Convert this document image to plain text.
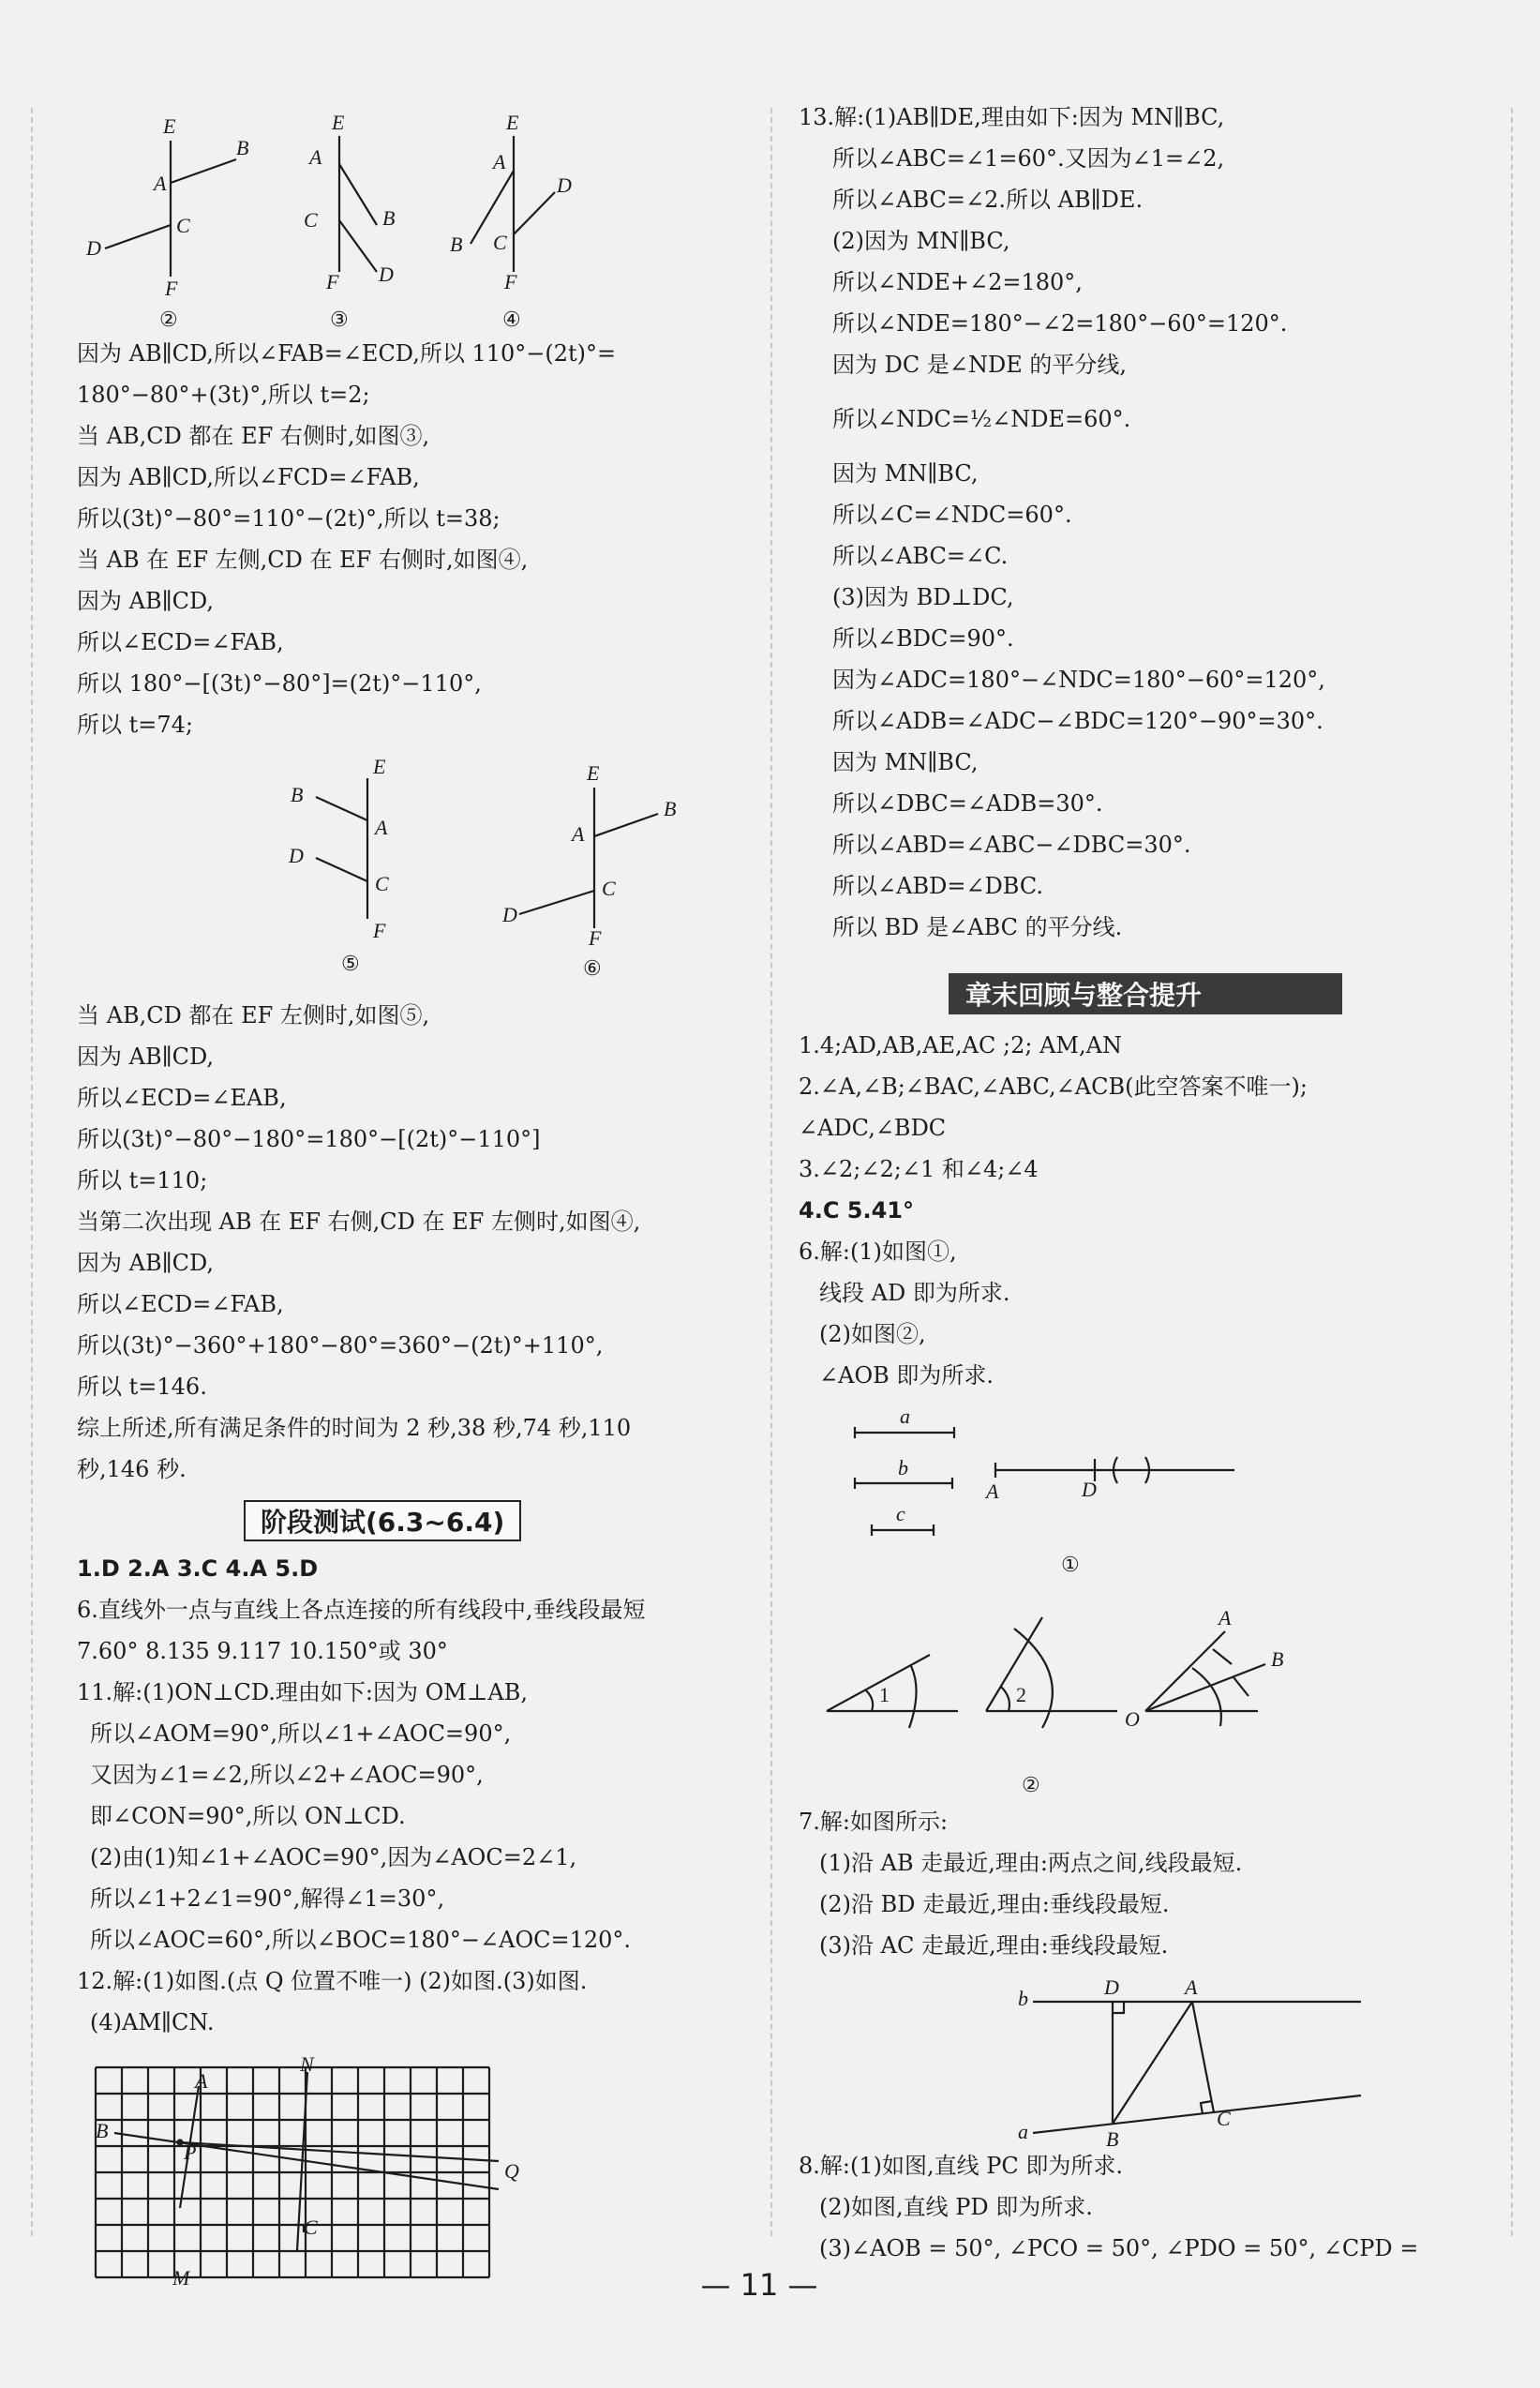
E
B
A
C
D
F
②
E
A
B
C
D
F
③
E
A
D
B C
F
④
因为 AB∥CD,所以∠FAB=∠ECD,所以 110°−(2t)°=
180°−80°+(3t)°,所以 t=2;
当 AB,CD 都在 EF 右侧时,如图③,
因为 AB∥CD,所以∠FCD=∠FAB,
所以(3t)°−80°=110°−(2t)°,所以 t=38;
当 AB 在 EF 左侧,CD 在 EF 右侧时,如图④,
因为 AB∥CD,
所以∠ECD=∠FAB,
所以 180°−[(3t)°−80°]=(2t)°−110°,
所以 t=74;
E
B
A
D
C
F
⑤
E
B
A
C
D
F
⑥
当 AB,CD 都在 EF 左侧时,如图⑤,
因为 AB∥CD,
所以∠ECD=∠EAB,
所以(3t)°−80°−180°=180°−[(2t)°−110°]
所以 t=110;
当第二次出现 AB 在 EF 右侧,CD 在 EF 左侧时,如图④,
因为 AB∥CD,
所以∠ECD=∠FAB,
所以(3t)°−360°+180°−80°=360°−(2t)°+110°,
所以 t=146.
综上所述,所有满足条件的时间为 2 秒,38 秒,74 秒,110
秒,146 秒.
阶段测试(6.3~6.4)
1.D 2.A 3.C 4.A 5.D
6.直线外一点与直线上各点连接的所有线段中,垂线段最短
7.60° 8.135 9.117 10.150°或 30°
11.解:(1)ON⊥CD.理由如下:因为 OM⊥AB,
所以∠AOM=90°,所以∠1+∠AOC=90°,
又因为∠1=∠2,所以∠2+∠AOC=90°,
即∠CON=90°,所以 ON⊥CD.
(2)由(1)知∠1+∠AOC=90°,因为∠AOC=2∠1,
所以∠1+2∠1=90°,解得∠1=30°,
所以∠AOC=60°,所以∠BOC=180°−∠AOC=120°.
12.解:(1)如图.(点 Q 位置不唯一) (2)如图.(3)如图.
(4)AM∥CN.
A
N
P
B
Q
C
M
13.解:(1)AB∥DE,理由如下:因为 MN∥BC,
所以∠ABC=∠1=60°.又因为∠1=∠2,
所以∠ABC=∠2.所以 AB∥DE.
(2)因为 MN∥BC,
所以∠NDE+∠2=180°,
所以∠NDE=180°−∠2=180°−60°=120°.
因为 DC 是∠NDE 的平分线,
所以∠NDC=½∠NDE=60°.
因为 MN∥BC,
所以∠C=∠NDC=60°.
所以∠ABC=∠C.
(3)因为 BD⊥DC,
所以∠BDC=90°.
因为∠ADC=180°−∠NDC=180°−60°=120°,
所以∠ADB=∠ADC−∠BDC=120°−90°=30°.
因为 MN∥BC,
所以∠DBC=∠ADB=30°.
所以∠ABD=∠ABC−∠DBC=30°.
所以∠ABD=∠DBC.
所以 BD 是∠ABC 的平分线.
章末回顾与整合提升
1.4;AD,AB,AE,AC ;2; AM,AN
2.∠A,∠B;∠BAC,∠ABC,∠ACB(此空答案不唯一);
∠ADC,∠BDC
3.∠2;∠2;∠1 和∠4;∠4
4.C 5.41°
6.解:(1)如图①,
线段 AD 即为所求.
(2)如图②,
∠AOB 即为所求.
a
b
c
A	D
①
1	2
A
B
O
②
7.解:如图所示:
(1)沿 AB 走最近,理由:两点之间,线段最短.
(2)沿 BD 走最近,理由:垂线段最短.
(3)沿 AC 走最近,理由:垂线段最短.
b	D	A
a	B
C
8.解:(1)如图,直线 PC 即为所求.
(2)如图,直线 PD 即为所求.
(3)∠AOB = 50°, ∠PCO = 50°, ∠PDO = 50°, ∠CPD =
— 11 —
